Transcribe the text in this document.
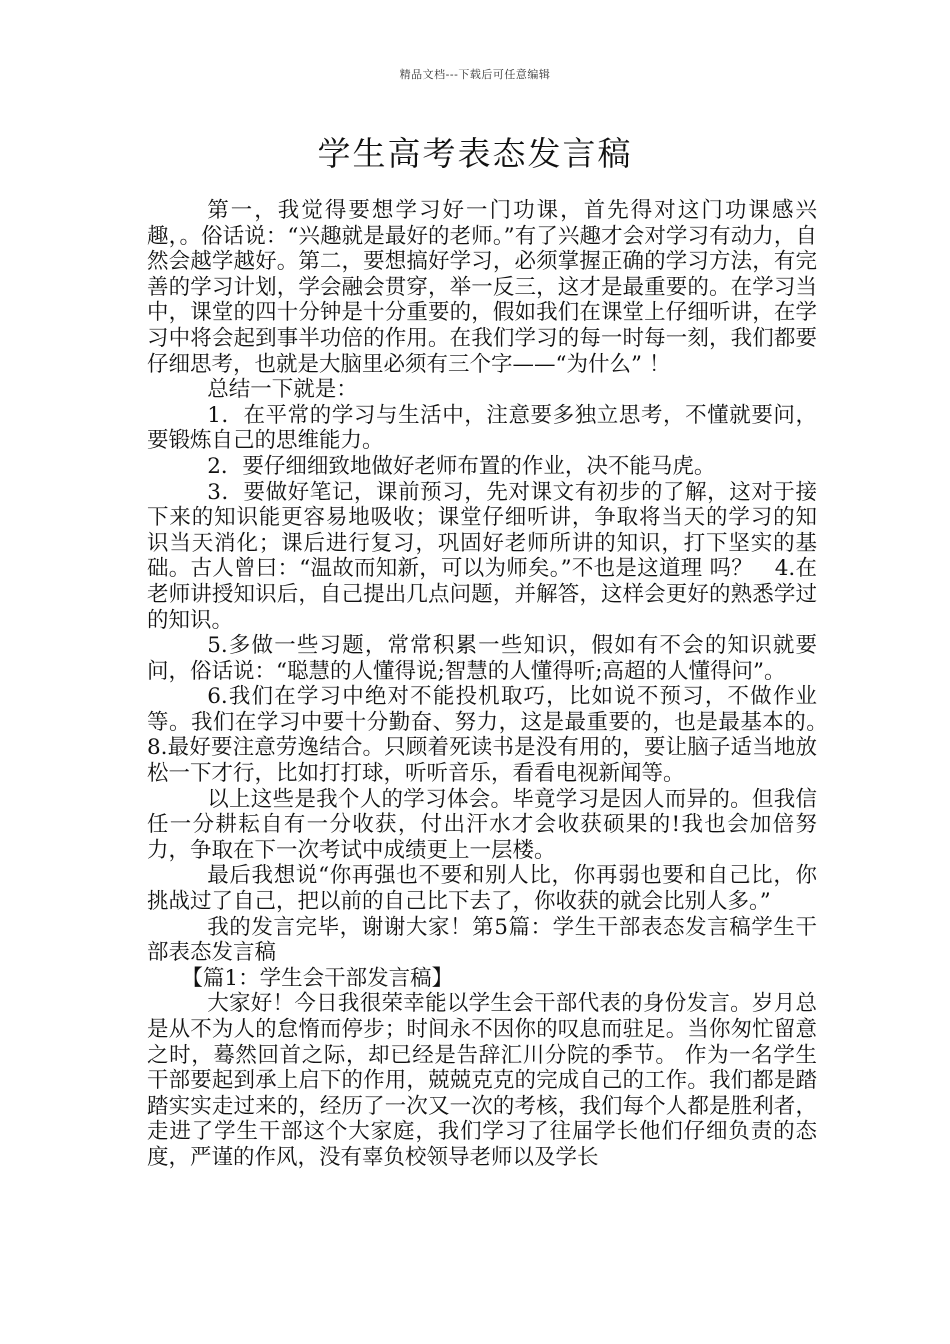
精品文档---下载后可任意编辑
学生高考表态发言稿

第一，我觉得要想学习好一门功课，首先得对这门功课感兴趣，。俗话说：“兴趣就是最好的老师。”有了兴趣才会对学习有动力，自然会越学越好。第二，要想搞好学习，必须掌握正确的学习方法，有完善的学习计划，学会融会贯穿，举一反三，这才是最重要的。在学习当中，课堂的四十分钟是十分重要的，假如我们在课堂上仔细听讲，在学习中将会起到事半功倍的作用。在我们学习的每一时每一刻，我们都要仔细思考，也就是大脑里必须有三个字——“为什么” ！

总结一下就是：

1．在平常的学习与生活中，注意要多独立思考，不懂就要问，要锻炼自己的思维能力。

2．要仔细细致地做好老师布置的作业，决不能马虎。

3．要做好笔记，课前预习，先对课文有初步的了解，这对于接下来的知识能更容易地吸收；课堂仔细听讲，争取将当天的学习的知 识当天消化；课后进行复习，巩固好老师所讲的知识，打下坚实的基础。古人曾曰：“温故而知新，可以为师矣。”不也是这道理 吗？　4.在老师讲授知识后，自己提出几点问题，并解答，这样会更好的熟悉学过的知识。

5.多做一些习题，常常积累一些知识，假如有不会的知识就要问，俗话说：“聪慧的人懂得说;智慧的人懂得听;高超的人懂得问”。

6.我们在学习中绝对不能投机取巧，比如说不预习，不做作业等。我们在学习中要十分勤奋、努力，这是最重要的，也是最基本的。　8.最好要注意劳逸结合。只顾着死读书是没有用的，要让脑子适当地放松一下才行，比如打打球，听听音乐，看看电视新闻等。

以上这些是我个人的学习体会。毕竟学习是因人而异的。但我信任一分耕耘自有一分收获，付出汗水才会收获硕果的!我也会加倍努力，争取在下一次考试中成绩更上一层楼。

最后我想说“你再强也不要和别人比，你再弱也要和自己比，你挑战过了自己，把以前的自己比下去了，你收获的就会比别人多。”

我的发言完毕，谢谢大家！第5篇：学生干部表态发言稿学生干部表态发言稿

【篇1：学生会干部发言稿】

大家好！今日我很荣幸能以学生会干部代表的身份发言。岁月总是从不为人的怠惰而停步；时间永不因你的叹息而驻足。当你匆忙留意之时，蓦然回首之际，却已经是告辞汇川分院的季节。 作为一名学生干部要起到承上启下的作用，兢兢克克的完成自己的工作。我们都是踏踏实实走过来的，经历了一次又一次的考核，我们每个人都是胜利者，走进了学生干部这个大家庭，我们学习了往届学长他们仔细负责的态度，严谨的作风，没有辜负校领导老师以及学长
